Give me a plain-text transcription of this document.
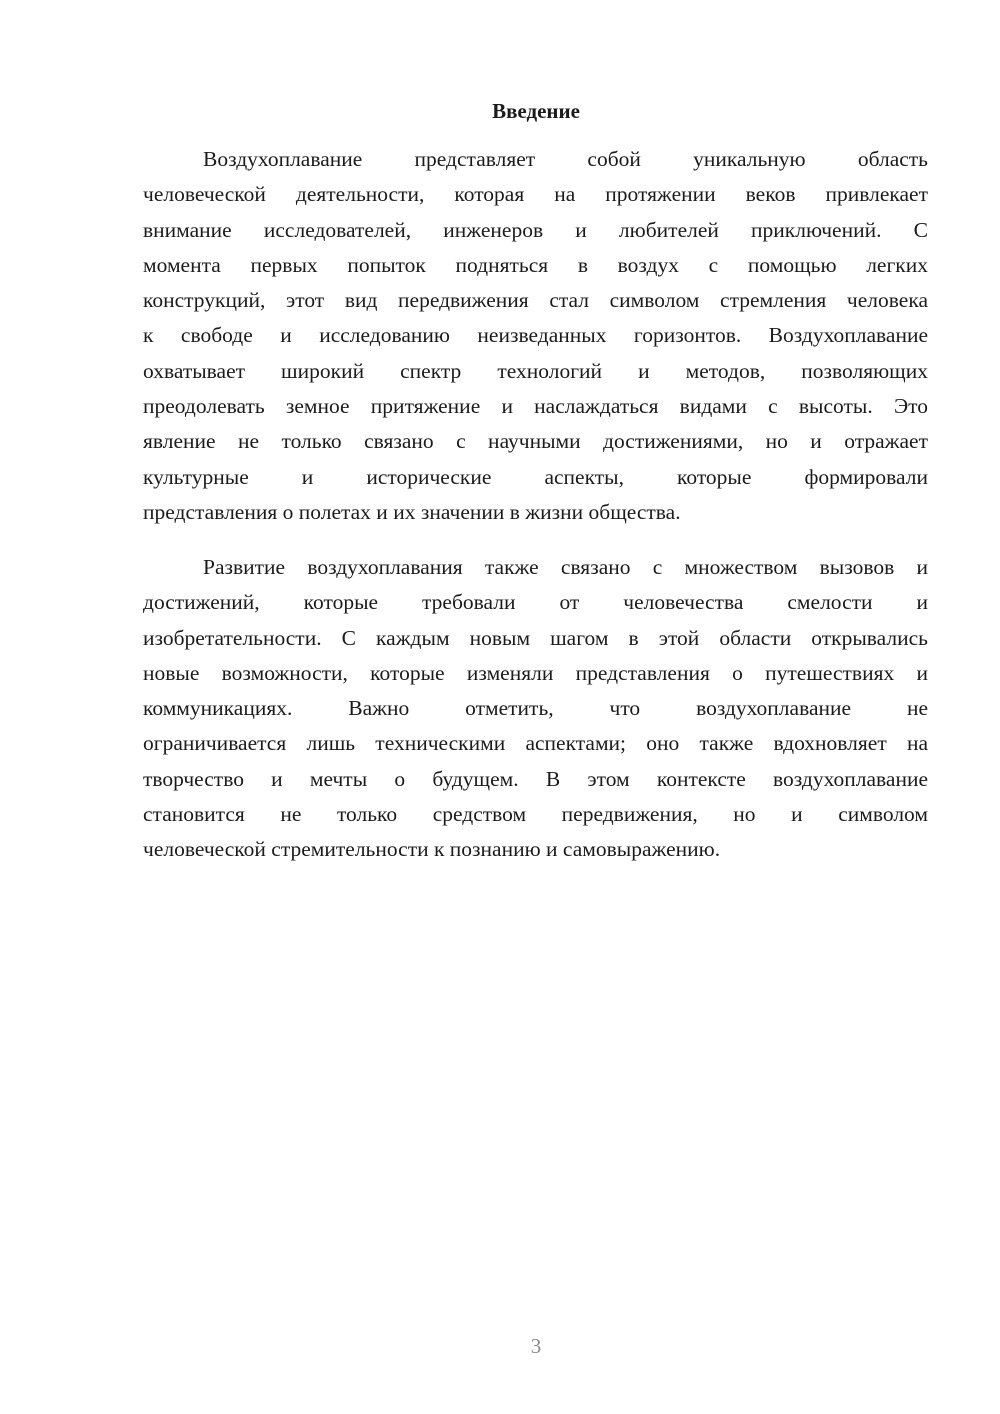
Введение
Воздухоплавание представляет собой уникальную область
человеческой деятельности, которая на протяжении веков привлекает
внимание исследователей, инженеров и любителей приключений. С
момента первых попыток подняться в воздух с помощью легких
конструкций, этот вид передвижения стал символом стремления человека
к свободе и исследованию неизведанных горизонтов. Воздухоплавание
охватывает широкий спектр технологий и методов, позволяющих
преодолевать земное притяжение и наслаждаться видами с высоты. Это
явление не только связано с научными достижениями, но и отражает
культурные и исторические аспекты, которые формировали
представления о полетах и их значении в жизни общества.
Развитие воздухоплавания также связано с множеством вызовов и
достижений, которые требовали от человечества смелости и
изобретательности. С каждым новым шагом в этой области открывались
новые возможности, которые изменяли представления о путешествиях и
коммуникациях. Важно отметить, что воздухоплавание не
ограничивается лишь техническими аспектами; оно также вдохновляет на
творчество и мечты о будущем. В этом контексте воздухоплавание
становится не только средством передвижения, но и символом
человеческой стремительности к познанию и самовыражению.
3
